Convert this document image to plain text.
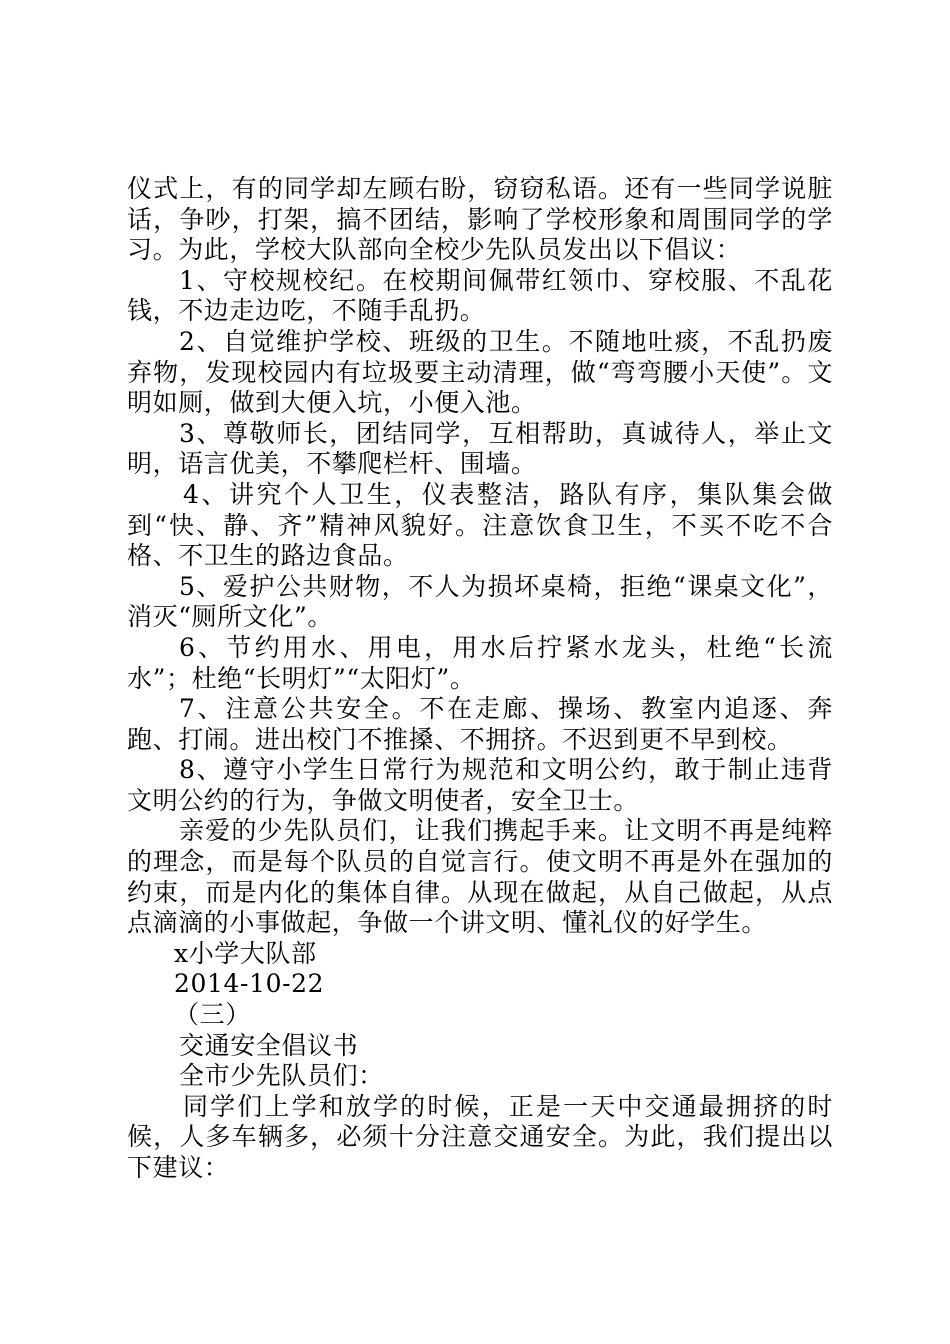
仪式上，有的同学却左顾右盼，窃窃私语。还有一些同学说脏话，争吵，打架，搞不团结，影响了学校形象和周围同学的学习。为此，学校大队部向全校少先队员发出以下倡议：

1、守校规校纪。在校期间佩带红领巾、穿校服、不乱花钱，不边走边吃，不随手乱扔。

2、自觉维护学校、班级的卫生。不随地吐痰，不乱扔废弃物，发现校园内有垃圾要主动清理，做“弯弯腰小天使”。文明如厕，做到大便入坑，小便入池。

3、尊敬师长，团结同学，互相帮助，真诚待人，举止文明，语言优美，不攀爬栏杆、围墙。

4、讲究个人卫生，仪表整洁，路队有序，集队集会做到“快、静、齐”精神风貌好。注意饮食卫生，不买不吃不合格、不卫生的路边食品。

5、爱护公共财物，不人为损坏桌椅，拒绝“课桌文化”，消灭“厕所文化”。

6、节约用水、用电，用水后拧紧水龙头，杜绝“长流水”；杜绝“长明灯”“太阳灯”。

7、注意公共安全。不在走廊、操场、教室内追逐、奔跑、打闹。进出校门不推搡、不拥挤。不迟到更不早到校。

8、遵守小学生日常行为规范和文明公约，敢于制止违背文明公约的行为，争做文明使者，安全卫士。

亲爱的少先队员们，让我们携起手来。让文明不再是纯粹的理念，而是每个队员的自觉言行。使文明不再是外在强加的约束，而是内化的集体自律。从现在做起，从自己做起，从点点滴滴的小事做起，争做一个讲文明、懂礼仪的好学生。

x小学大队部

2014-10-22

（三）

交通安全倡议书

全市少先队员们：

同学们上学和放学的时候，正是一天中交通最拥挤的时候，人多车辆多，必须十分注意交通安全。为此，我们提出以下建议：
